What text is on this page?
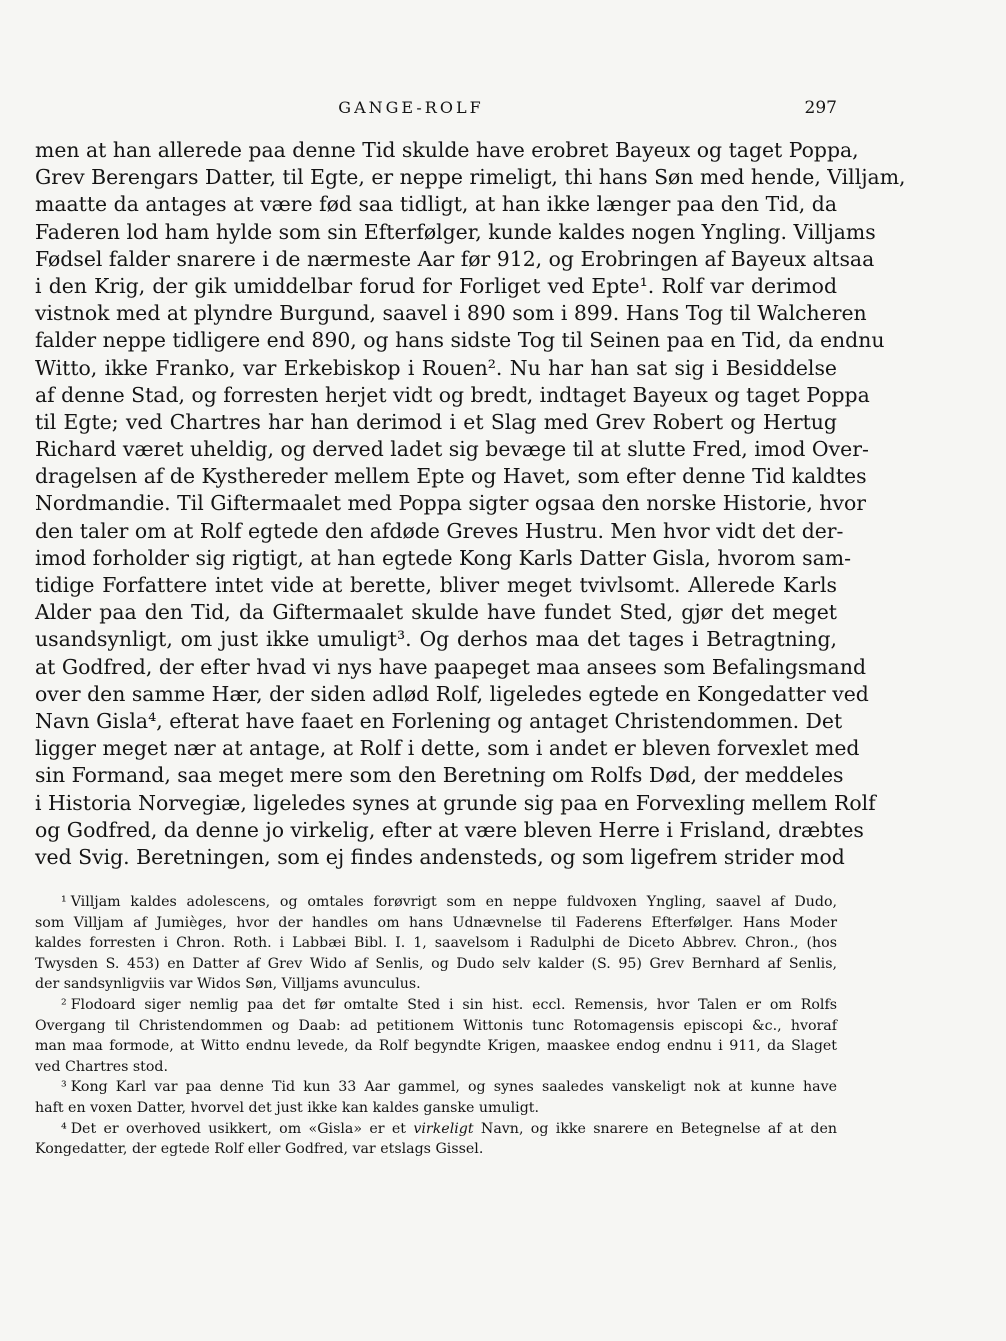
GANGE-ROLF	297
men at han allerede paa denne Tid skulde have erobret Bayeux og taget Poppa,
Grev Berengars Datter, til Egte, er neppe rimeligt, thi hans Søn med hende, Villjam,
maatte da antages at være fød saa tidligt, at han ikke længer paa den Tid, da
Faderen lod ham hylde som sin Efterfølger, kunde kaldes nogen Yngling. Villjams
Fødsel falder snarere i de nærmeste Aar før 912, og Erobringen af Bayeux altsaa
i den Krig, der gik umiddelbar forud for Forliget ved Epte¹. Rolf var derimod
vistnok med at plyndre Burgund, saavel i 890 som i 899. Hans Tog til Walcheren
falder neppe tidligere end 890, og hans sidste Tog til Seinen paa en Tid, da endnu
Witto, ikke Franko, var Erkebiskop i Rouen². Nu har han sat sig i Besiddelse
af denne Stad, og forresten herjet vidt og bredt, indtaget Bayeux og taget Poppa
til Egte; ved Chartres har han derimod i et Slag med Grev Robert og Hertug
Richard været uheldig, og derved ladet sig bevæge til at slutte Fred, imod Over-
dragelsen af de Kysthereder mellem Epte og Havet, som efter denne Tid kaldtes
Nordmandie. Til Giftermaalet med Poppa sigter ogsaa den norske Historie, hvor
den taler om at Rolf egtede den afdøde Greves Hustru. Men hvor vidt det der-
imod forholder sig rigtigt, at han egtede Kong Karls Datter Gisla, hvorom sam-
tidige Forfattere intet vide at berette, bliver meget tvivlsomt. Allerede Karls
Alder paa den Tid, da Giftermaalet skulde have fundet Sted, gjør det meget
usandsynligt, om just ikke umuligt³. Og derhos maa det tages i Betragtning,
at Godfred, der efter hvad vi nys have paapeget maa ansees som Befalingsmand
over den samme Hær, der siden adlød Rolf, ligeledes egtede en Kongedatter ved
Navn Gisla⁴, efterat have faaet en Forlening og antaget Christendommen. Det
ligger meget nær at antage, at Rolf i dette, som i andet er bleven forvexlet med
sin Formand, saa meget mere som den Beretning om Rolfs Død, der meddeles
i Historia Norvegiæ, ligeledes synes at grunde sig paa en Forvexling mellem Rolf
og Godfred, da denne jo virkelig, efter at være bleven Herre i Frisland, dræbtes
ved Svig. Beretningen, som ej findes andensteds, og som ligefrem strider mod
¹ Villjam kaldes adolescens, og omtales forøvrigt som en neppe fuldvoxen Yngling, saavel af Dudo,
som Villjam af Jumièges, hvor der handles om hans Udnævnelse til Faderens Efterfølger. Hans Moder
kaldes forresten i Chron. Roth. i Labbæi Bibl. I. 1, saavelsom i Radulphi de Diceto Abbrev. Chron., (hos
Twysden S. 453) en Datter af Grev Wido af Senlis, og Dudo selv kalder (S. 95) Grev Bernhard af Senlis,
der sandsynligviis var Widos Søn, Villjams avunculus.
² Flodoard siger nemlig paa det før omtalte Sted i sin hist. eccl. Remensis, hvor Talen er om Rolfs
Overgang til Christendommen og Daab: ad petitionem Wittonis tunc Rotomagensis episcopi &c., hvoraf
man maa formode, at Witto endnu levede, da Rolf begyndte Krigen, maaskee endog endnu i 911, da Slaget
ved Chartres stod.
³ Kong Karl var paa denne Tid kun 33 Aar gammel, og synes saaledes vanskeligt nok at kunne have
haft en voxen Datter, hvorvel det just ikke kan kaldes ganske umuligt.
⁴ Det er overhoved usikkert, om «Gisla» er et virkeligt Navn, og ikke snarere en Betegnelse af at den
Kongedatter, der egtede Rolf eller Godfred, var etslags Gissel.
